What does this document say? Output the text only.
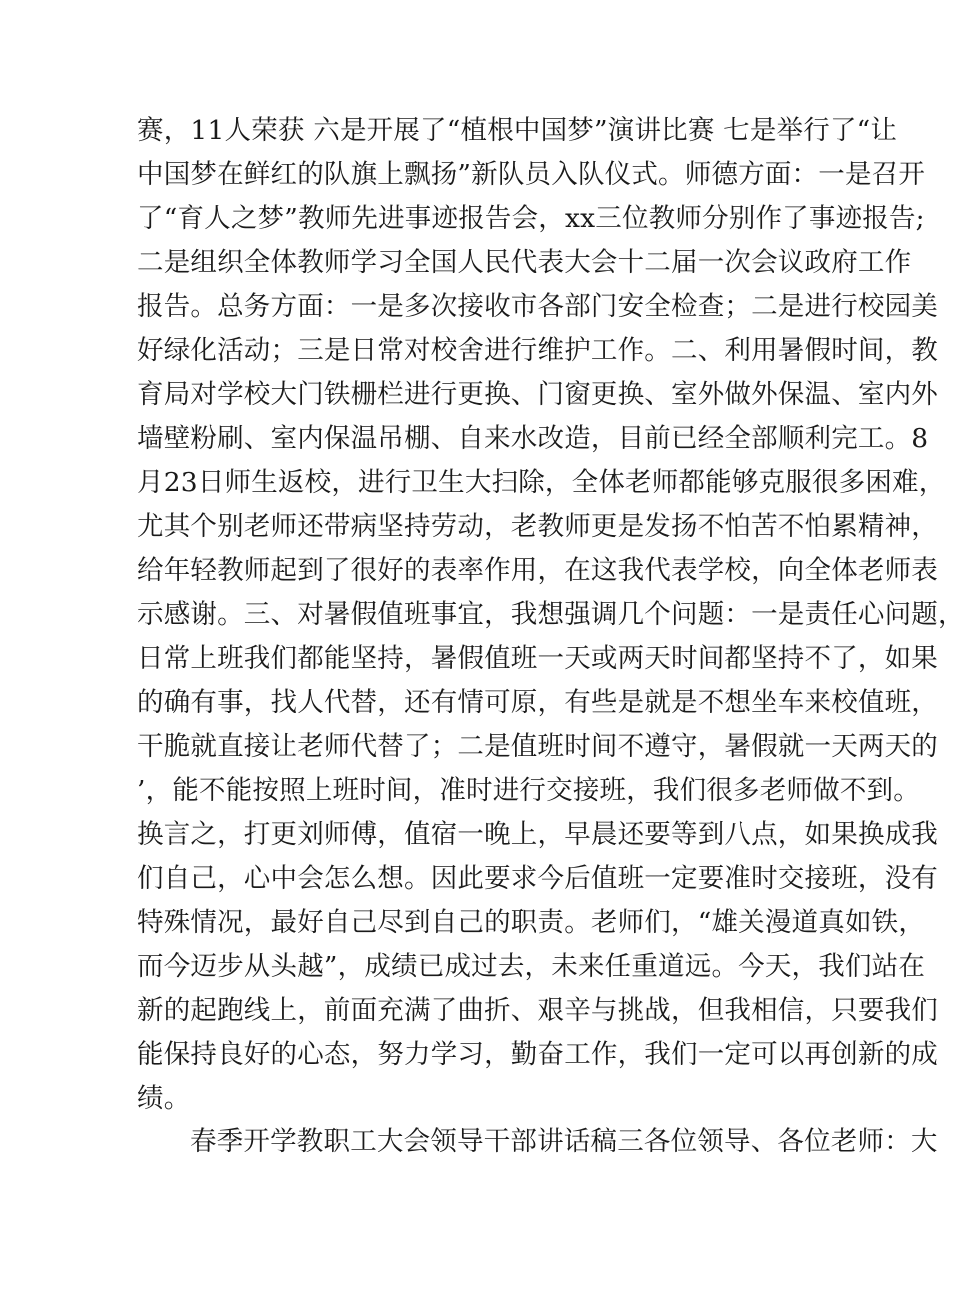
赛，11人荣获 六是开展了“植根中国梦”演讲比赛 七是举行了“让
中国梦在鲜红的队旗上飘扬”新队员入队仪式。师德方面：一是召开
了“育人之梦”教师先进事迹报告会，xx三位教师分别作了事迹报告;
二是组织全体教师学习全国人民代表大会十二届一次会议政府工作
报告。总务方面：一是多次接收市各部门安全检查；二是进行校园美
好绿化活动；三是日常对校舍进行维护工作。二、利用暑假时间，教
育局对学校大门铁栅栏进行更换、门窗更换、室外做外保温、室内外
墙壁粉刷、室内保温吊棚、自来水改造，目前已经全部顺利完工。8
月23日师生返校，进行卫生大扫除，全体老师都能够克服很多困难，
尤其个别老师还带病坚持劳动，老教师更是发扬不怕苦不怕累精神，
给年轻教师起到了很好的表率作用，在这我代表学校，向全体老师表
示感谢。三、对暑假值班事宜，我想强调几个问题：一是责任心问题，
日常上班我们都能坚持，暑假值班一天或两天时间都坚持不了，如果
的确有事，找人代替，还有情可原，有些是就是不想坐车来校值班，
干脆就直接让老师代替了；二是值班时间不遵守，暑假就一天两天的
’，能不能按照上班时间，准时进行交接班，我们很多老师做不到。
换言之，打更刘师傅，值宿一晚上，早晨还要等到八点，如果换成我
们自己，心中会怎么想。因此要求今后值班一定要准时交接班，没有
特殊情况，最好自己尽到自己的职责。老师们，“雄关漫道真如铁，
而今迈步从头越”，成绩已成过去，未来任重道远。今天，我们站在
新的起跑线上，前面充满了曲折、艰辛与挑战，但我相信，只要我们
能保持良好的心态，努力学习，勤奋工作，我们一定可以再创新的成
绩。
春季开学教职工大会领导干部讲话稿三各位领导、各位老师：大
